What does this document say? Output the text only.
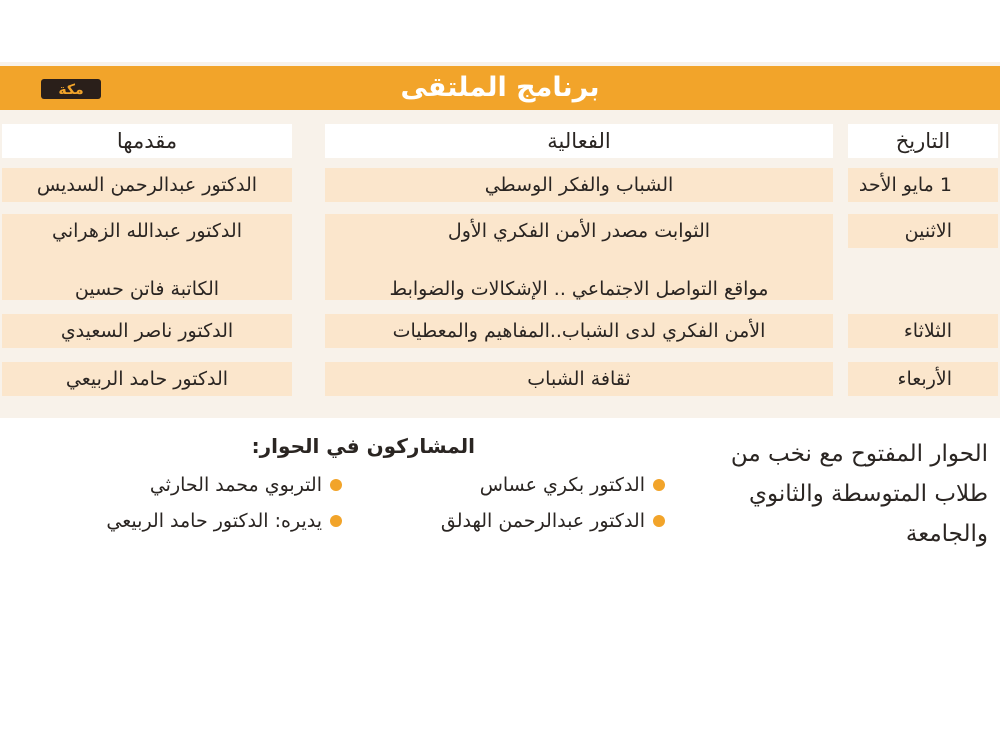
برنامج الملتقى
مكة
التاريخ
الفعالية
مقدمها
1 مايو الأحد
الشباب والفكر الوسطي
الدكتور عبدالرحمن السديس
الاثنين
الثوابت مصدر الأمن الفكري الأول
مواقع التواصل الاجتماعي .. الإشكالات والضوابط
الدكتور عبدالله الزهراني
الكاتبة فاتن حسين
الثلاثاء
الأمن الفكري لدى الشباب..المفاهيم والمعطيات
الدكتور ناصر السعيدي
الأربعاء
ثقافة الشباب
الدكتور حامد الربيعي
المشاركون في الحوار:
الدكتور بكري عساس
الدكتور عبدالرحمن الهدلق
التربوي محمد الحارثي
يديره: الدكتور حامد الربيعي
الحوار المفتوح مع نخب من
طلاب المتوسطة والثانوي
والجامعة
